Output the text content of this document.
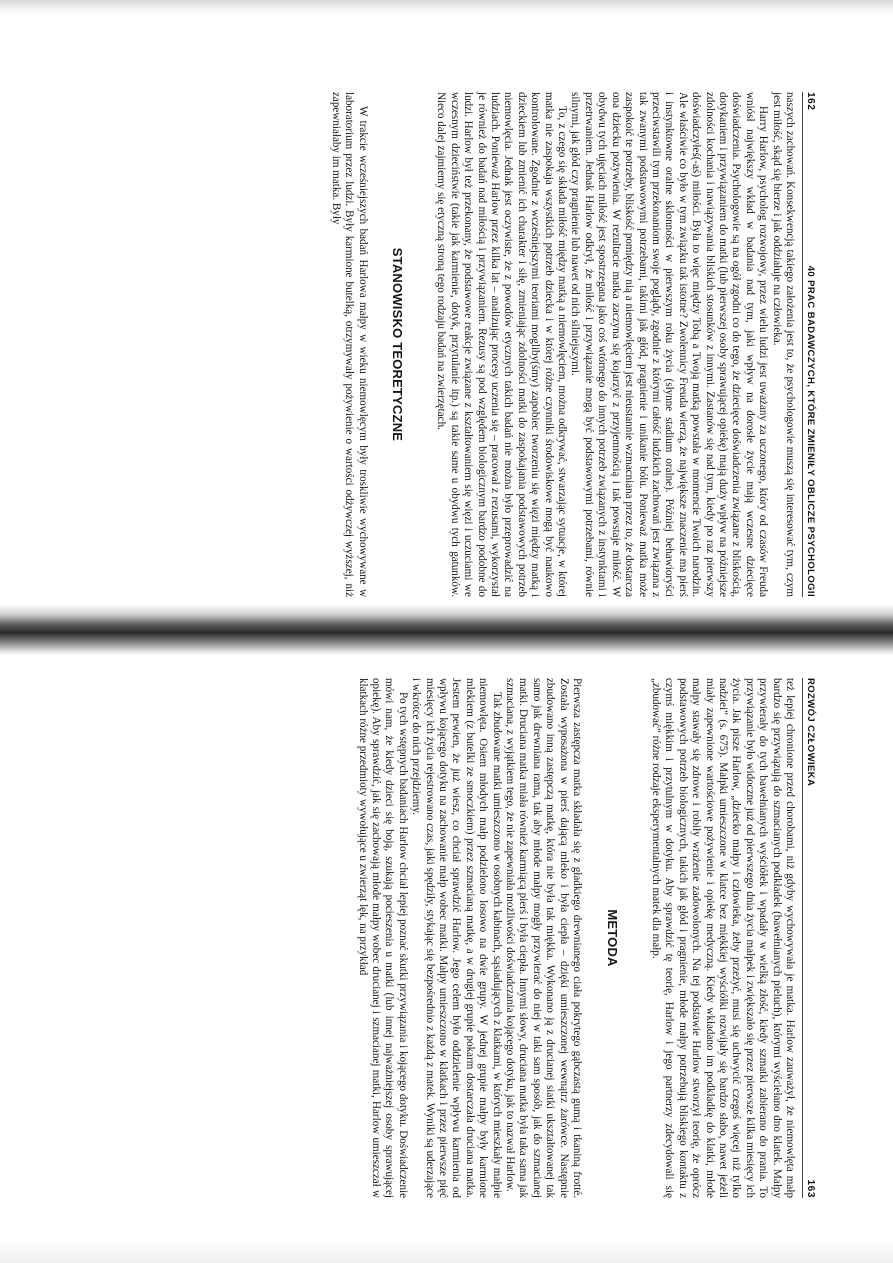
162
40 PRAC BADAWCZYCH, KTÓRE ZMIENIŁY OBLICZE PSYCHOLOGII

naszych zachowań. Konsekwencją takiego założenia jest to, że psychologowie muszą się interesować tym, czym jest miłość, skąd się bierze i jak oddziałuje na człowieka.

Harry Harlow, psycholog rozwojowy, przez wielu ludzi jest uważany za uczonego, który od czasów Freuda wniósł największy wkład w badania nad tym, jaki wpływ na dorosłe życie mają wczesne dziecięce doświadczenia. Psychologowie są na ogół zgodni co do tego, że dziecięce doświadczenia związane z bliskością, dotykaniem i przywiązaniem do matki (lub pierwszej osoby sprawującej opiekę) mają duży wpływ na późniejsze zdolności kochania i nawiązywania bliskich stosunków z innymi. Zastanów się nad tym, kiedy po raz pierwszy doświadczyłeś(-aś) miłości. Była to więc między Tobą a Twoją matką powstała w momencie Twoich narodzin. Ale właściwie co było w tym związku tak istotne? Zwolennicy Freuda wierzą, że największe znaczenie ma pierś i instynktowne oralne skłonności w pierwszym roku życia (słynne stadium oralne). Później behawioryści przeciwstawili tym przekonaniom swoje poglądy, zgodnie z którymi całość ludzkich zachowań jest związana z tak zwanymi podstawowymi potrzebami, takimi jak głód, pragnienie i unikanie bólu. Ponieważ matka może zaspokoić te potrzeby, bliskość pomiędzy nią a niemowlęciem jest nieustannie wzmacniana przez to, że dostarcza ona dziecku pożywienia. W rezultacie matka zaczyna się kojarzyć z przyjemnością i tak powstaje miłość. W obydwu tych ujęciach miłość jest spostrzegana jako coś wtórnego do innych potrzeb związanych z instynktami i przetrwaniem. Jednak Harlow odkrył, że miłość i przywiązanie mogą być podstawowymi potrzebami, równie silnymi, jak głód czy pragnienie lub nawet od nich silniejszymi.

To, z czego się składa miłość między matką a niemowlęciem, można odkrywać, stwarzając sytuacje, w której matka nie zaspokaja wszystkich potrzeb dziecka i w której różne czynniki środowiskowe mogą być naukowo kontrolowane. Zgodnie z wcześniejszymi teoriami mogliby(śmy) zapobiec tworzeniu się więzi między matką i dzieckiem lub zmienić ich charakter i siłę, zmieniając zdolności matki do zaspokajania podstawowych potrzeb niemowlęcia. Jednak jest oczywiste, że z powodów etycznych takich badań nie można było przeprowadzić na ludziach. Ponieważ Harlow przez kilka lat – analizując procesy uczenia się – pracował z rezusami, wykorzystał je również do badań nad miłością i przywiązaniem. Rezusy są pod względem biologicznym bardzo podobne do ludzi. Harlow był też przekonany, że podstawowe reakcje związane z kształtowaniem się więzi i uczuciami we wczesnym dzieciństwie (takie jak karmienie, dotyk, przytulanie itp.) są takie same u obydwu tych gatunków. Nieco dalej zajmiemy się etyczną stroną tego rodzaju badań na zwierzętach.

STANOWISKO TEORETYCZNE

W trakcie wcześniejszych badań Harlowa małpy w wieku niemowlęcym były troskliwie wychowywane w laboratorium przez ludzi. Były karmione butelką, otrzymywały pożywienie o wartości odżywczej wyższej, niż zapewniałaby im matka. Były

ROZWÓJ CZŁOWIEKA
163

też lepiej chronione przed chorobami, niż gdyby wychowywała je matka. Harlow zauważył, że niemowlęta małp bardzo się przywiązują do szmacianych podkładek (bawełnianych pieluch), którymi wyściełano dno klatek. Małpy przywierały do tych bawełnianych wyściółek i wpadały w wielką złość, kiedy szmatki zabierano do prania. To przywiązanie było widoczne już od pierwszego dnia życia małpek i zwiększało się przez pierwsze kilka miesięcy ich życia. Jak pisze Harlow, „dziecko małpy i człowieka, żeby przeżyć, musi się uchwycić czegoś więcej niż tylko nadziei” (s. 675). Małpki umieszczone w klatce bez miękkiej wyściółki rozwijały się bardzo słabo, nawet jeżeli miały zapewnione wartościowe pożywienie i opiekę medyczną. Kiedy wkładano im podkładkę do klatki, młode małpy stawały się zdrowe i robiły wrażenie zadowolonych. Na tej podstawie Harlow stworzył teorię, że oprócz podstawowych potrzeb biologicznych, takich jak głód i pragnienie, młode małpy potrzebują bliskiego kontaktu z czymś miękkim i przytulnym w dotyku. Aby sprawdzić tę teorię, Harlow i jego partnerzy zdecydowali się „zbudować” różne rodzaje eksperymentalnych matek dla małp.

METODA

Pierwsza zastępcza matka składała się z gładkiego drewnianego ciała pokrytego gąbczastą gumą i tkaniną frotté. Została wyposażona w pierś dającą mleko i była ciepła – dzięki umieszczonej wewnątrz żarówce. Następnie zbudowano inną zastępczą matkę, która nie była tak miękka. Wykonano ją z drucianej siatki ukształtowanej tak samo jak drewniana rama, tak aby młode małpy mogły przywierać do niej w taki sam sposób, jak do szmacianej matki. Druciana matka miała również karmiącą pierś i była ciepła. Innymi słowy, druciana matka była taka sama jak szmaciana, z wyjątkiem tego, że nie zapewniała możliwości doświadczania kojącego dotyku, jak to nazwał Harlow.

Tak zbudowane matki umieszczono w osobnych kabinach, sąsiadujących z klatkami, w których mieszkały małpie niemowlęta. Osiem młodych małp podzielono losowo na dwie grupy. W jednej grupie małpy były karmione mlekiem (z butelki ze smoczkiem) przez szmacianą matkę, a w drugiej grupie pokarm dostarczała druciana matka. Jestem pewien, że już wiesz, co chciał sprawdzić Harlow. Jego celem było oddzielenie wpływu karmienia od wpływu kojącego dotyku na zachowanie małp wobec matki. Małpy umieszczono w klatkach i przez pierwsze pięć miesięcy ich życia rejestrowano czas, jaki spędziły, stykając się bezpośrednio z każdą z matek. Wyniki są uderzające i wkrótce do nich przejdziemy.

Po tych wstępnych badaniach Harlow chciał lepiej poznać skutki przywiązania i kojącego dotyku. Doświadczenie mówi nam, że kiedy dzieci się boją, szukają pocieszenia u matki (lub innej najważniejszej osoby sprawującej opiekę). Aby sprawdzić, jak się zachowają młode małpy wobec drucianej i szmacianej matki, Harlow umieszczał w klatkach różne przedmioty wywołujące u zwierząt lęk, na przykład
